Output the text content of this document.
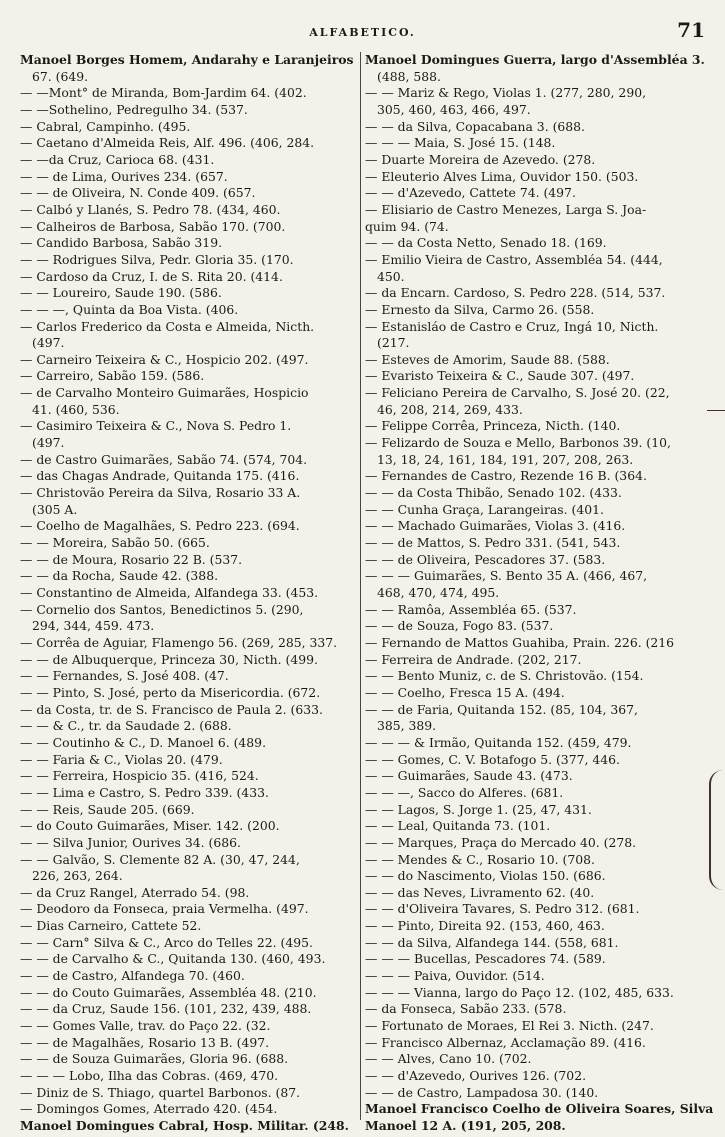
ALFABETICO.	71
Manoel Borges Homem, Andarahy e Laranjeiros
67. (649.
— —Mont° de Miranda, Bom-Jardim 64. (402.
— —Sothelino, Pedregulho 34. (537.
— Cabral, Campinho. (495.
— Caetano d'Almeida Reis, Alf. 496. (406, 284.
— —da Cruz, Carioca 68. (431.
— — de Lima, Ourives 234. (657.
— — de Oliveira, N. Conde 409. (657.
— Calbó y Llanés, S. Pedro 78. (434, 460.
— Calheiros de Barbosa, Sabão 170. (700.
— Candido Barbosa, Sabão 319.
— — Rodrigues Silva, Pedr. Gloria 35. (170.
— Cardoso da Cruz, I. de S. Rita 20. (414.
— — Loureiro, Saude 190. (586.
— — —, Quinta da Boa Vista. (406.
— Carlos Frederico da Costa e Almeida, Nicth.
(497.
— Carneiro Teixeira & C., Hospicio 202. (497.
— Carreiro, Sabão 159. (586.
— de Carvalho Monteiro Guimarães, Hospicio
41. (460, 536.
— Casimiro Teixeira & C., Nova S. Pedro 1.
(497.
— de Castro Guimarães, Sabão 74. (574, 704.
— das Chagas Andrade, Quitanda 175. (416.
— Christovão Pereira da Silva, Rosario 33 A.
(305 A.
— Coelho de Magalhães, S. Pedro 223. (694.
— — Moreira, Sabão 50. (665.
— — de Moura, Rosario 22 B. (537.
— — da Rocha, Saude 42. (388.
— Constantino de Almeida, Alfandega 33. (453.
— Cornelio dos Santos, Benedictinos 5. (290,
294, 344, 459. 473.
— Corrêa de Aguiar, Flamengo 56. (269, 285, 337.
— — de Albuquerque, Princeza 30, Nicth. (499.
— — Fernandes, S. José 408. (47.
— — Pinto, S. José, perto da Misericordia. (672.
— da Costa, tr. de S. Francisco de Paula 2. (633.
— — & C., tr. da Saudade 2. (688.
— — Coutinho & C., D. Manoel 6. (489.
— — Faria & C., Violas 20. (479.
— — Ferreira, Hospicio 35. (416, 524.
— — Lima e Castro, S. Pedro 339. (433.
— — Reis, Saude 205. (669.
— do Couto Guimarães, Miser. 142. (200.
— — Silva Junior, Ourives 34. (686.
— — Galvão, S. Clemente 82 A. (30, 47, 244,
226, 263, 264.
— da Cruz Rangel, Aterrado 54. (98.
— Deodoro da Fonseca, praia Vermelha. (497.
— Dias Carneiro, Cattete 52.
— — Carn° Silva & C., Arco do Telles 22. (495.
— — de Carvalho & C., Quitanda 130. (460, 493.
— — de Castro, Alfandega 70. (460.
— — do Couto Guimarães, Assembléa 48. (210.
— — da Cruz, Saude 156. (101, 232, 439, 488.
— — Gomes Valle, trav. do Paço 22. (32.
— — de Magalhães, Rosario 13 B. (497.
— — de Souza Guimarães, Gloria 96. (688.
— — — Lobo, Ilha das Cobras. (469, 470.
— Diniz de S. Thiago, quartel Barbonos. (87.
— Domingos Gomes, Aterrado 420. (454.
Manoel Domingues Cabral, Hosp. Militar. (248.
Manoel Domingues Guerra, largo d'Assembléa 3.
(488, 588.
— — Mariz & Rego, Violas 1. (277, 280, 290,
305, 460, 463, 466, 497.
— — da Silva, Copacabana 3. (688.
— — — Maia, S. José 15. (148.
— Duarte Moreira de Azevedo. (278.
— Eleuterio Alves Lima, Ouvidor 150. (503.
— — d'Azevedo, Cattete 74. (497.
— Elisiario de Castro Menezes, Larga S. Joa-
quim 94. (74.
— — da Costa Netto, Senado 18. (169.
— Emilio Vieira de Castro, Assembléa 54. (444,
450.
— da Encarn. Cardoso, S. Pedro 228. (514, 537.
— Ernesto da Silva, Carmo 26. (558.
— Estanisláo de Castro e Cruz, Ingá 10, Nicth.
(217.
— Esteves de Amorim, Saude 88. (588.
— Evaristo Teixeira & C., Saude 307. (497.
— Feliciano Pereira de Carvalho, S. José 20. (22,
46, 208, 214, 269, 433.
— Felippe Corrêa, Princeza, Nicth. (140.
— Felizardo de Souza e Mello, Barbonos 39. (10,
13, 18, 24, 161, 184, 191, 207, 208, 263.
— Fernandes de Castro, Rezende 16 B. (364.
— — da Costa Thibão, Senado 102. (433.
— — Cunha Graça, Larangeiras. (401.
— — Machado Guimarães, Violas 3. (416.
— — de Mattos, S. Pedro 331. (541, 543.
— — de Oliveira, Pescadores 37. (583.
— — — Guimarães, S. Bento 35 A. (466, 467,
468, 470, 474, 495.
— — Ramôa, Assembléa 65. (537.
— — de Souza, Fogo 83. (537.
— Fernando de Mattos Guahiba, Prain. 226. (216
— Ferreira de Andrade. (202, 217.
— — Bento Muniz, c. de S. Christovão. (154.
— — Coelho, Fresca 15 A. (494.
— — de Faria, Quitanda 152. (85, 104, 367,
385, 389.
— — — & Irmão, Quitanda 152. (459, 479.
— — Gomes, C. V. Botafogo 5. (377, 446.
— — Guimarães, Saude 43. (473.
— — —, Sacco do Alferes. (681.
— — Lagos, S. Jorge 1. (25, 47, 431.
— — Leal, Quitanda 73. (101.
— — Marques, Praça do Mercado 40. (278.
— — Mendes & C., Rosario 10. (708.
— — do Nascimento, Violas 150. (686.
— — das Neves, Livramento 62. (40.
— — d'Oliveira Tavares, S. Pedro 312. (681.
— — Pinto, Direita 92. (153, 460, 463.
— — da Silva, Alfandega 144. (558, 681.
— — — Bucellas, Pescadores 74. (589.
— — — Paiva, Ouvidor. (514.
— — — Vianna, largo do Paço 12. (102, 485, 633.
— da Fonseca, Sabão 233. (578.
— Fortunato de Moraes, El Rei 3. Nicth. (247.
— Francisco Albernaz, Acclamação 89. (416.
— — Alves, Cano 10. (702.
— — d'Azevedo, Ourives 126. (702.
— — de Castro, Lampadosa 30. (140.
Manoel Francisco Coelho de Oliveira Soares, Silva
Manoel 12 A. (191, 205, 208.
